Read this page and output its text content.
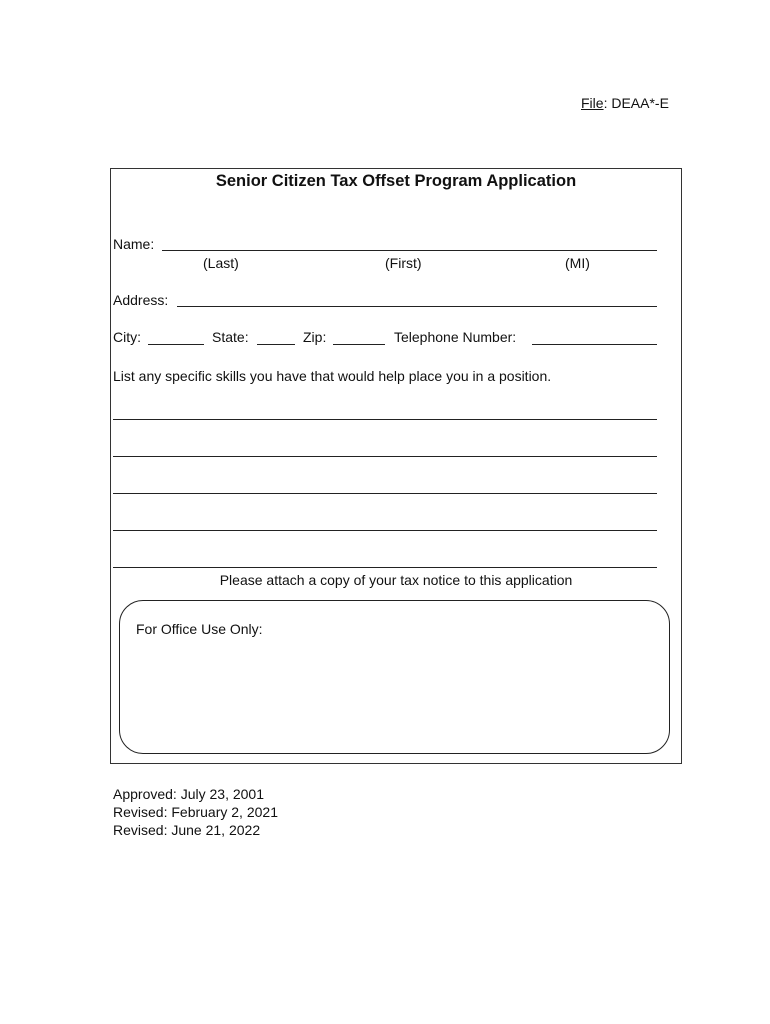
File: DEAA*-E
Senior Citizen Tax Offset Program Application
Name:
(Last)	(First)	(MI)
Address:
City:	State:	Zip:	Telephone Number:
List any specific skills you have that would help place you in a position.
Please attach a copy of your tax notice to this application
For Office Use Only:
Approved: July 23, 2001
Revised: February 2, 2021
Revised: June 21, 2022
